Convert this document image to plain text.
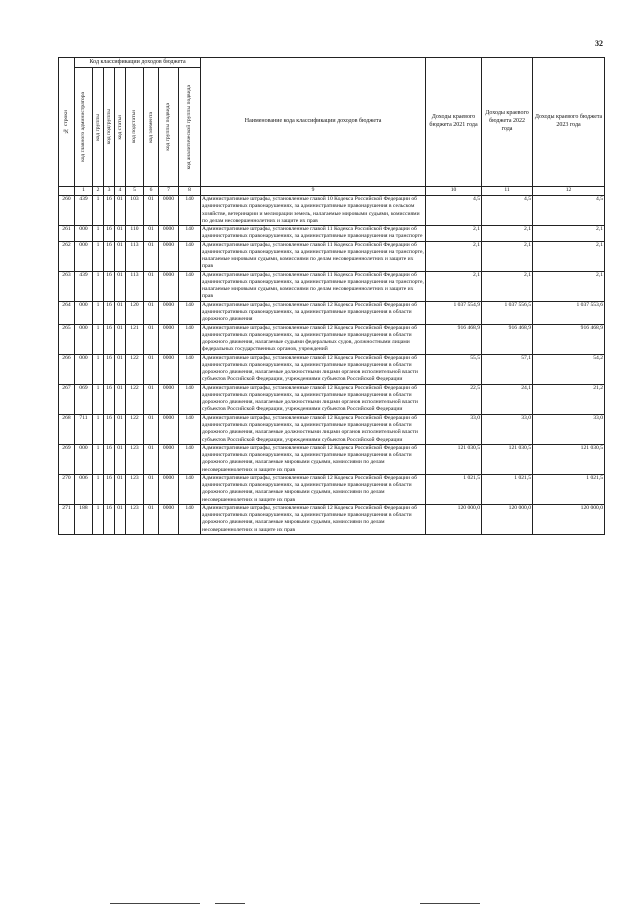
32
№ строки	Код классификации доходов бюджета								Наименование кода классификации доходов бюджета	Доходы краевого бюджета 2021 года	Доходы краевого бюджета 2022 года	Доходы краевого бюджета 2023 года

	код главного администратора	код группы	код подгруппы	код статьи	код подстатьи	код элемента	код группы подвида	код аналитической группы подвида				

	1	2	3	4	5	6	7	8	9	10	11	12
260	439	1	16	01	103	01	0000	140	Административные штрафы, установленные главой 10 Кодекса Российской Федерации об административных правонарушениях, за административные правонарушения в сельском хозяйстве, ветеринарии и мелиорации земель, налагаемые мировыми судьями, комиссиями по делам несовершеннолетних и защите их прав	4,5	4,5	4,5
261	000	1	16	01	110	01	0000	140	Административные штрафы, установленные главой 11 Кодекса Российской Федерации об административных правонарушениях, за административные правонарушения на транспорте	2,1	2,1	2,1
262	000	1	16	01	113	01	0000	140	Административные штрафы, установленные главой 11 Кодекса Российской Федерации об административных правонарушениях, за административные правонарушения на транспорте, налагаемые мировыми судьями, комиссиями по делам несовершеннолетних и защите их прав	2,1	2,1	2,1
263	439	1	16	01	113	01	0000	140	Административные штрафы, установленные главой 11 Кодекса Российской Федерации об административных правонарушениях, за административные правонарушения на транспорте, налагаемые мировыми судьями, комиссиями по делам несовершеннолетних и защите их прав	2,1	2,1	2,1
264	000	1	16	01	120	01	0000	140	Административные штрафы, установленные главой 12 Кодекса Российской Федерации об административных правонарушениях, за административные правонарушения в области дорожного движения	1 037 554,9	1 037 556,5	1 037 553,6
265	000	1	16	01	121	01	0000	140	Административные штрафы, установленные главой 12 Кодекса Российской Федерации об административных правонарушениях, за административные правонарушения в области дорожного движения, налагаемые судьями федеральных судов, должностными лицами федеральных государственных органов, учреждений	916 468,9	916 468,9	916 468,9
266	000	1	16	01	122	01	0000	140	Административные штрафы, установленные главой 12 Кодекса Российской Федерации об административных правонарушениях, за административные правонарушения в области дорожного движения, налагаемые должностными лицами органов исполнительной власти субъектов Российской Федерации, учреждениями субъектов Российской Федерации	55,5	57,1	54,2
267	069	1	16	01	122	01	0000	140	Административные штрафы, установленные главой 12 Кодекса Российской Федерации об административных правонарушениях, за административные правонарушения в области дорожного движения, налагаемые должностными лицами органов исполнительной власти субъектов Российской Федерации, учреждениями субъектов Российской Федерации	22,5	24,1	21,2
268	711	1	16	01	122	01	0000	140	Административные штрафы, установленные главой 12 Кодекса Российской Федерации об административных правонарушениях, за административные правонарушения в области дорожного движения, налагаемые должностными лицами органов исполнительной власти субъектов Российской Федерации, учреждениями субъектов Российской Федерации	33,0	33,0	33,0
269	000	1	16	01	123	01	0000	140	Административные штрафы, установленные главой 12 Кодекса Российской Федерации об административных правонарушениях, за административные правонарушения в области дорожного движения, налагаемые мировыми судьями, комиссиями по делам несовершеннолетних и защите их прав	121 030,5	121 030,5	121 030,5
270	006	1	16	01	123	01	0000	140	Административные штрафы, установленные главой 12 Кодекса Российской Федерации об административных правонарушениях, за административные правонарушения в области дорожного движения, налагаемые мировыми судьями, комиссиями по делам несовершеннолетних и защите их прав	1 021,5	1 021,5	1 021,5
271	188	1	16	01	123	01	0000	140	Административные штрафы, установленные главой 12 Кодекса Российской Федерации об административных правонарушениях, за административные правонарушения в области дорожного движения, налагаемые мировыми судьями, комиссиями по делам несовершеннолетних и защите их прав	120 000,0	120 000,0	120 000,0
